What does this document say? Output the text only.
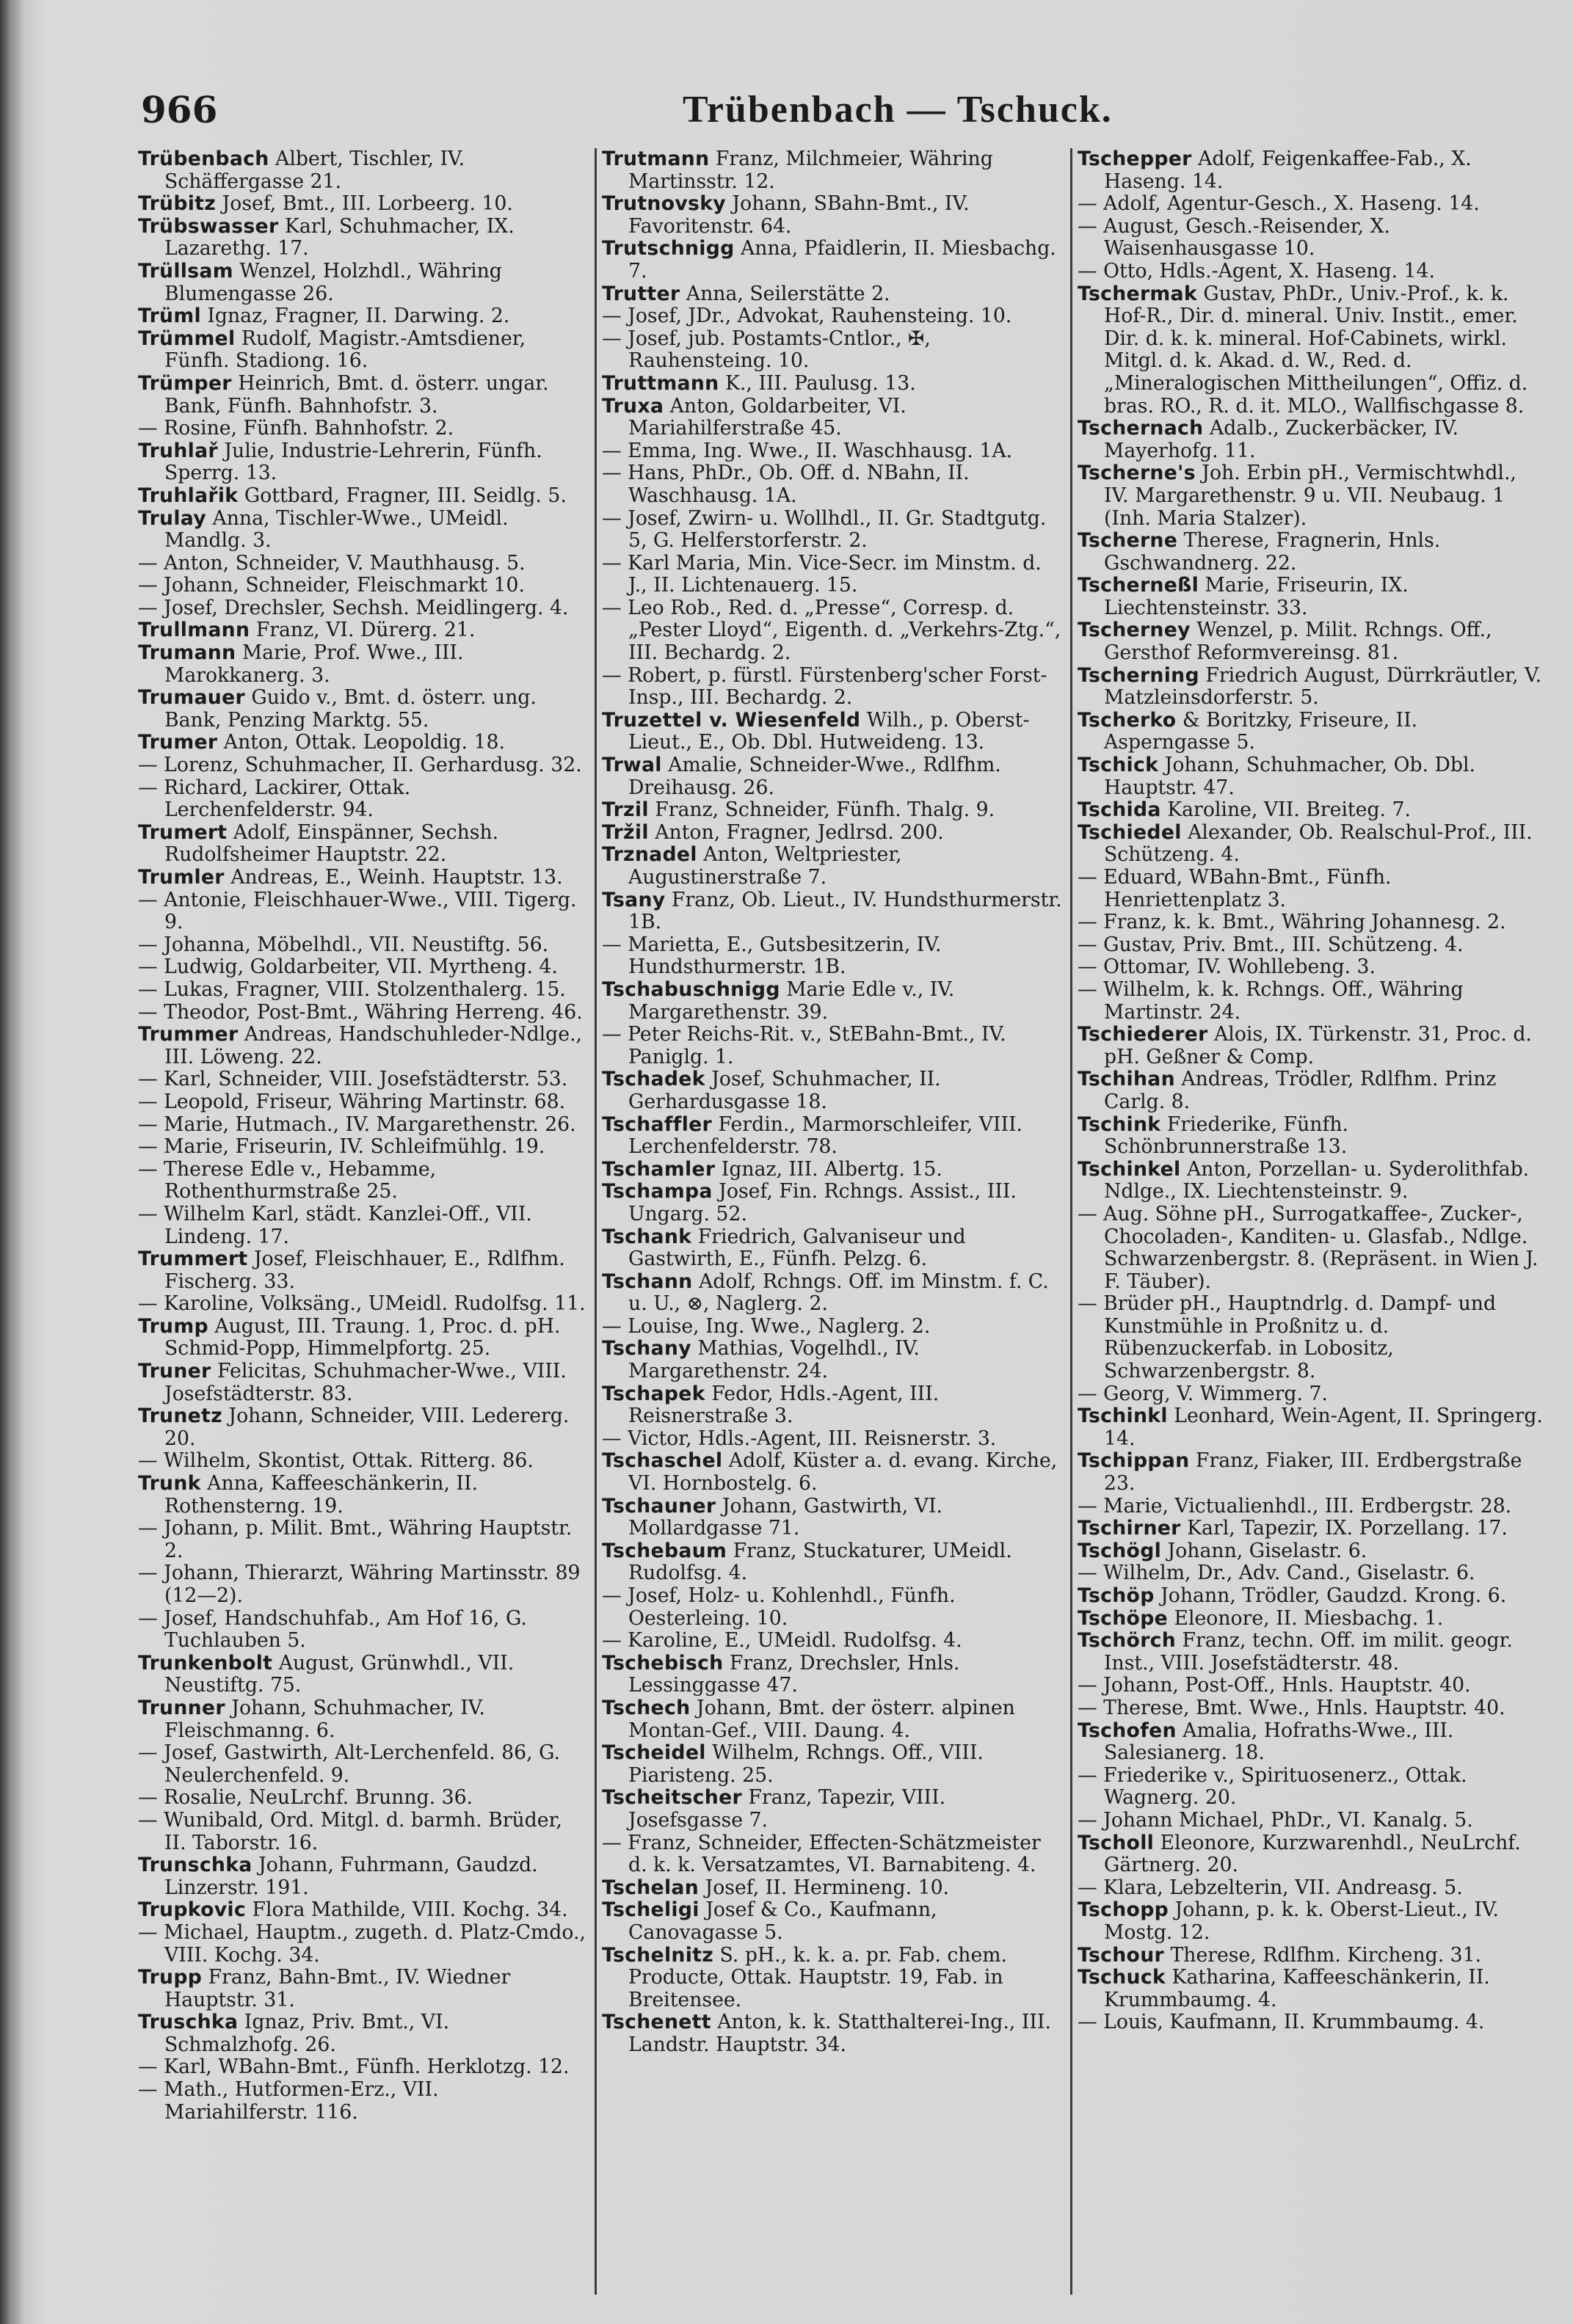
966	Trübenbach — Tschuck.

Trübenbach Albert, Tischler, IV. Schäffergasse 21.

Trübitz Josef, Bmt., III. Lorbeerg. 10.

Trübswasser Karl, Schuhmacher, IX. Lazarethg. 17.

Trüllsam Wenzel, Holzhdl., Währing Blumengasse 26.

Trüml Ignaz, Fragner, II. Darwing. 2.

Trümmel Rudolf, Magistr.-Amtsdiener, Fünfh. Stadiong. 16.

Trümper Heinrich, Bmt. d. österr. ungar. Bank, Fünfh. Bahnhofstr. 3.

— Rosine, Fünfh. Bahnhofstr. 2.

Truhlař Julie, Industrie-Lehrerin, Fünfh. Sperrg. 13.

Truhlařik Gottbard, Fragner, III. Seidlg. 5.

Trulay Anna, Tischler-Wwe., UMeidl. Mandlg. 3.

— Anton, Schneider, V. Mauthhausg. 5.

— Johann, Schneider, Fleischmarkt 10.

— Josef, Drechsler, Sechsh. Meidlingerg. 4.

Trullmann Franz, VI. Dürerg. 21.

Trumann Marie, Prof. Wwe., III. Marokkanerg. 3.

Trumauer Guido v., Bmt. d. österr. ung. Bank, Penzing Marktg. 55.

Trumer Anton, Ottak. Leopoldig. 18.

— Lorenz, Schuhmacher, II. Gerhardusg. 32.

— Richard, Lackirer, Ottak. Lerchenfelderstr. 94.

Trumert Adolf, Einspänner, Sechsh. Rudolfsheimer Hauptstr. 22.

Trumler Andreas, E., Weinh. Hauptstr. 13.

— Antonie, Fleischhauer-Wwe., VIII. Tigerg. 9.

— Johanna, Möbelhdl., VII. Neustiftg. 56.

— Ludwig, Goldarbeiter, VII. Myrtheng. 4.

— Lukas, Fragner, VIII. Stolzenthalerg. 15.

— Theodor, Post-Bmt., Währing Herreng. 46.

Trummer Andreas, Handschuhleder-Ndlge., III. Löweng. 22.

— Karl, Schneider, VIII. Josefstädterstr. 53.

— Leopold, Friseur, Währing Martinstr. 68.

— Marie, Hutmach., IV. Margarethenstr. 26.

— Marie, Friseurin, IV. Schleifmühlg. 19.

— Therese Edle v., Hebamme, Rothenthurmstraße 25.

— Wilhelm Karl, städt. Kanzlei-Off., VII. Lindeng. 17.

Trummert Josef, Fleischhauer, E., Rdlfhm. Fischerg. 33.

— Karoline, Volksäng., UMeidl. Rudolfsg. 11.

Trump August, III. Traung. 1, Proc. d. pH. Schmid-Popp, Himmelpfortg. 25.

Truner Felicitas, Schuhmacher-Wwe., VIII. Josefstädterstr. 83.

Trunetz Johann, Schneider, VIII. Ledererg. 20.

— Wilhelm, Skontist, Ottak. Ritterg. 86.

Trunk Anna, Kaffeeschänkerin, II. Rothensterng. 19.

— Johann, p. Milit. Bmt., Währing Hauptstr. 2.

— Johann, Thierarzt, Währing Martinsstr. 89 (12—2).

— Josef, Handschuhfab., Am Hof 16, G. Tuchlauben 5.

Trunkenbolt August, Grünwhdl., VII. Neustiftg. 75.

Trunner Johann, Schuhmacher, IV. Fleischmanng. 6.

— Josef, Gastwirth, Alt-Lerchenfeld. 86, G. Neulerchenfeld. 9.

— Rosalie, NeuLrchf. Brunng. 36.

— Wunibald, Ord. Mitgl. d. barmh. Brüder, II. Taborstr. 16.

Trunschka Johann, Fuhrmann, Gaudzd. Linzerstr. 191.

Trupkovic Flora Mathilde, VIII. Kochg. 34.

— Michael, Hauptm., zugeth. d. Platz-Cmdo., VIII. Kochg. 34.

Trupp Franz, Bahn-Bmt., IV. Wiedner Hauptstr. 31.

Truschka Ignaz, Priv. Bmt., VI. Schmalzhofg. 26.

— Karl, WBahn-Bmt., Fünfh. Herklotzg. 12.

— Math., Hutformen-Erz., VII. Mariahilferstr. 116.

Trutmann Franz, Milchmeier, Währing Martinsstr. 12.

Trutnovsky Johann, SBahn-Bmt., IV. Favoritenstr. 64.

Trutschnigg Anna, Pfaidlerin, II. Miesbachg. 7.

Trutter Anna, Seilerstätte 2.

— Josef, JDr., Advokat, Rauhensteing. 10.

— Josef, jub. Postamts-Cntlor., ✠, Rauhensteing. 10.

Truttmann K., III. Paulusg. 13.

Truxa Anton, Goldarbeiter, VI. Mariahilferstraße 45.

— Emma, Ing. Wwe., II. Waschhausg. 1A.

— Hans, PhDr., Ob. Off. d. NBahn, II. Waschhausg. 1A.

— Josef, Zwirn- u. Wollhdl., II. Gr. Stadtgutg. 5, G. Helferstorferstr. 2.

— Karl Maria, Min. Vice-Secr. im Minstm. d. J., II. Lichtenauerg. 15.

— Leo Rob., Red. d. „Presse“, Corresp. d. „Pester Lloyd“, Eigenth. d. „Verkehrs-Ztg.“, III. Bechardg. 2.

— Robert, p. fürstl. Fürstenberg'scher Forst-Insp., III. Bechardg. 2.

Truzettel v. Wiesenfeld Wilh., p. Oberst-Lieut., E., Ob. Dbl. Hutweideng. 13.

Trwal Amalie, Schneider-Wwe., Rdlfhm. Dreihausg. 26.

Trzil Franz, Schneider, Fünfh. Thalg. 9.

Tržil Anton, Fragner, Jedlrsd. 200.

Trznadel Anton, Weltpriester, Augustinerstraße 7.

Tsany Franz, Ob. Lieut., IV. Hundsthurmerstr. 1B.

— Marietta, E., Gutsbesitzerin, IV. Hundsthurmerstr. 1B.

Tschabuschnigg Marie Edle v., IV. Margarethenstr. 39.

— Peter Reichs-Rit. v., StEBahn-Bmt., IV. Paniglg. 1.

Tschadek Josef, Schuhmacher, II. Gerhardusgasse 18.

Tschaffler Ferdin., Marmorschleifer, VIII. Lerchenfelderstr. 78.

Tschamler Ignaz, III. Albertg. 15.

Tschampa Josef, Fin. Rchngs. Assist., III. Ungarg. 52.

Tschank Friedrich, Galvaniseur und Gastwirth, E., Fünfh. Pelzg. 6.

Tschann Adolf, Rchngs. Off. im Minstm. f. C. u. U., ⊗, Naglerg. 2.

— Louise, Ing. Wwe., Naglerg. 2.

Tschany Mathias, Vogelhdl., IV. Margarethenstr. 24.

Tschapek Fedor, Hdls.-Agent, III. Reisnerstraße 3.

— Victor, Hdls.-Agent, III. Reisnerstr. 3.

Tschaschel Adolf, Küster a. d. evang. Kirche, VI. Hornbostelg. 6.

Tschauner Johann, Gastwirth, VI. Mollardgasse 71.

Tschebaum Franz, Stuckaturer, UMeidl. Rudolfsg. 4.

— Josef, Holz- u. Kohlenhdl., Fünfh. Oesterleing. 10.

— Karoline, E., UMeidl. Rudolfsg. 4.

Tschebisch Franz, Drechsler, Hnls. Lessinggasse 47.

Tschech Johann, Bmt. der österr. alpinen Montan-Gef., VIII. Daung. 4.

Tscheidel Wilhelm, Rchngs. Off., VIII. Piaristeng. 25.

Tscheitscher Franz, Tapezir, VIII. Josefsgasse 7.

— Franz, Schneider, Effecten-Schätzmeister d. k. k. Versatzamtes, VI. Barnabiteng. 4.

Tschelan Josef, II. Hermineng. 10.

Tscheligi Josef & Co., Kaufmann, Canovagasse 5.

Tschelnitz S. pH., k. k. a. pr. Fab. chem. Producte, Ottak. Hauptstr. 19, Fab. in Breitensee.

Tschenett Anton, k. k. Statthalterei-Ing., III. Landstr. Hauptstr. 34.

Tschepper Adolf, Feigenkaffee-Fab., X. Haseng. 14.

— Adolf, Agentur-Gesch., X. Haseng. 14.

— August, Gesch.-Reisender, X. Waisenhausgasse 10.

— Otto, Hdls.-Agent, X. Haseng. 14.

Tschermak Gustav, PhDr., Univ.-Prof., k. k. Hof-R., Dir. d. mineral. Univ. Instit., emer. Dir. d. k. k. mineral. Hof-Cabinets, wirkl. Mitgl. d. k. Akad. d. W., Red. d. „Mineralogischen Mittheilungen“, Offiz. d. bras. RO., R. d. it. MLO., Wallfischgasse 8.

Tschernach Adalb., Zuckerbäcker, IV. Mayerhofg. 11.

Tscherne's Joh. Erbin pH., Vermischtwhdl., IV. Margarethenstr. 9 u. VII. Neubaug. 1 (Inh. Maria Stalzer).

Tscherne Therese, Fragnerin, Hnls. Gschwandnerg. 22.

Tscherneßl Marie, Friseurin, IX. Liechtensteinstr. 33.

Tscherney Wenzel, p. Milit. Rchngs. Off., Gersthof Reformvereinsg. 81.

Tscherning Friedrich August, Dürrkräutler, V. Matzleinsdorferstr. 5.

Tscherko & Boritzky, Friseure, II. Asperngasse 5.

Tschick Johann, Schuhmacher, Ob. Dbl. Hauptstr. 47.

Tschida Karoline, VII. Breiteg. 7.

Tschiedel Alexander, Ob. Realschul-Prof., III. Schützeng. 4.

— Eduard, WBahn-Bmt., Fünfh. Henriettenplatz 3.

— Franz, k. k. Bmt., Währing Johannesg. 2.

— Gustav, Priv. Bmt., III. Schützeng. 4.

— Ottomar, IV. Wohllebeng. 3.

— Wilhelm, k. k. Rchngs. Off., Währing Martinstr. 24.

Tschiederer Alois, IX. Türkenstr. 31, Proc. d. pH. Geßner & Comp.

Tschihan Andreas, Trödler, Rdlfhm. Prinz Carlg. 8.

Tschink Friederike, Fünfh. Schönbrunnerstraße 13.

Tschinkel Anton, Porzellan- u. Syderolithfab. Ndlge., IX. Liechtensteinstr. 9.

— Aug. Söhne pH., Surrogatkaffee-, Zucker-, Chocoladen-, Kanditen- u. Glasfab., Ndlge. Schwarzenbergstr. 8. (Repräsent. in Wien J. F. Täuber).

— Brüder pH., Hauptndrlg. d. Dampf- und Kunstmühle in Proßnitz u. d. Rübenzuckerfab. in Lobositz, Schwarzenbergstr. 8.

— Georg, V. Wimmerg. 7.

Tschinkl Leonhard, Wein-Agent, II. Springerg. 14.

Tschippan Franz, Fiaker, III. Erdbergstraße 23.

— Marie, Victualienhdl., III. Erdbergstr. 28.

Tschirner Karl, Tapezir, IX. Porzellang. 17.

Tschögl Johann, Giselastr. 6.

— Wilhelm, Dr., Adv. Cand., Giselastr. 6.

Tschöp Johann, Trödler, Gaudzd. Krong. 6.

Tschöpe Eleonore, II. Miesbachg. 1.

Tschörch Franz, techn. Off. im milit. geogr. Inst., VIII. Josefstädterstr. 48.

— Johann, Post-Off., Hnls. Hauptstr. 40.

— Therese, Bmt. Wwe., Hnls. Hauptstr. 40.

Tschofen Amalia, Hofraths-Wwe., III. Salesianerg. 18.

— Friederike v., Spirituosenerz., Ottak. Wagnerg. 20.

— Johann Michael, PhDr., VI. Kanalg. 5.

Tscholl Eleonore, Kurzwarenhdl., NeuLrchf. Gärtnerg. 20.

— Klara, Lebzelterin, VII. Andreasg. 5.

Tschopp Johann, p. k. k. Oberst-Lieut., IV. Mostg. 12.

Tschour Therese, Rdlfhm. Kircheng. 31.

Tschuck Katharina, Kaffeeschänkerin, II. Krummbaumg. 4.

— Louis, Kaufmann, II. Krummbaumg. 4.
